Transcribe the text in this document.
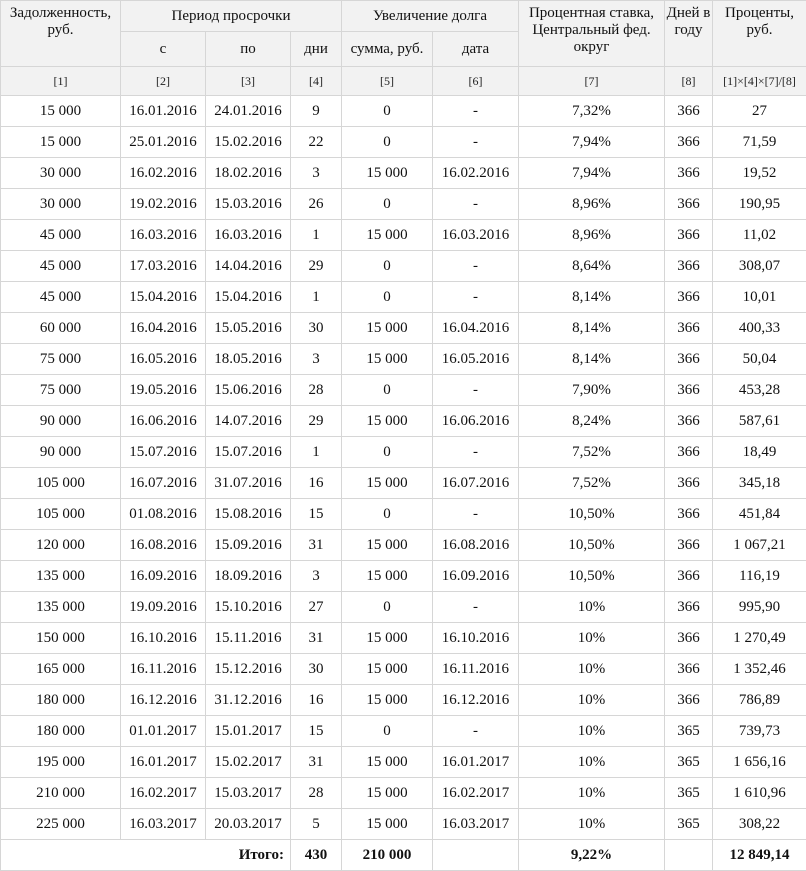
Задолженность, руб.	Период просрочки			Увеличение долга		Процентная ставка, Центральный фед. округ	Дней в году	Проценты, руб.
	с	по	дни	сумма, руб.	дата			
[1]	[2]	[3]	[4]	[5]	[6]	[7]	[8]	[1]×[4]×[7]/[8]
15 000	16.01.2016	24.01.2016	9	0	-	7,32%	366	27
15 000	25.01.2016	15.02.2016	22	0	-	7,94%	366	71,59
30 000	16.02.2016	18.02.2016	3	15 000	16.02.2016	7,94%	366	19,52
30 000	19.02.2016	15.03.2016	26	0	-	8,96%	366	190,95
45 000	16.03.2016	16.03.2016	1	15 000	16.03.2016	8,96%	366	11,02
45 000	17.03.2016	14.04.2016	29	0	-	8,64%	366	308,07
45 000	15.04.2016	15.04.2016	1	0	-	8,14%	366	10,01
60 000	16.04.2016	15.05.2016	30	15 000	16.04.2016	8,14%	366	400,33
75 000	16.05.2016	18.05.2016	3	15 000	16.05.2016	8,14%	366	50,04
75 000	19.05.2016	15.06.2016	28	0	-	7,90%	366	453,28
90 000	16.06.2016	14.07.2016	29	15 000	16.06.2016	8,24%	366	587,61
90 000	15.07.2016	15.07.2016	1	0	-	7,52%	366	18,49
105 000	16.07.2016	31.07.2016	16	15 000	16.07.2016	7,52%	366	345,18
105 000	01.08.2016	15.08.2016	15	0	-	10,50%	366	451,84
120 000	16.08.2016	15.09.2016	31	15 000	16.08.2016	10,50%	366	1 067,21
135 000	16.09.2016	18.09.2016	3	15 000	16.09.2016	10,50%	366	116,19
135 000	19.09.2016	15.10.2016	27	0	-	10%	366	995,90
150 000	16.10.2016	15.11.2016	31	15 000	16.10.2016	10%	366	1 270,49
165 000	16.11.2016	15.12.2016	30	15 000	16.11.2016	10%	366	1 352,46
180 000	16.12.2016	31.12.2016	16	15 000	16.12.2016	10%	366	786,89
180 000	01.01.2017	15.01.2017	15	0	-	10%	365	739,73
195 000	16.01.2017	15.02.2017	31	15 000	16.01.2017	10%	365	1 656,16
210 000	16.02.2017	15.03.2017	28	15 000	16.02.2017	10%	365	1 610,96
225 000	16.03.2017	20.03.2017	5	15 000	16.03.2017	10%	365	308,22
Итого:			430	210 000		9,22%		12 849,14
